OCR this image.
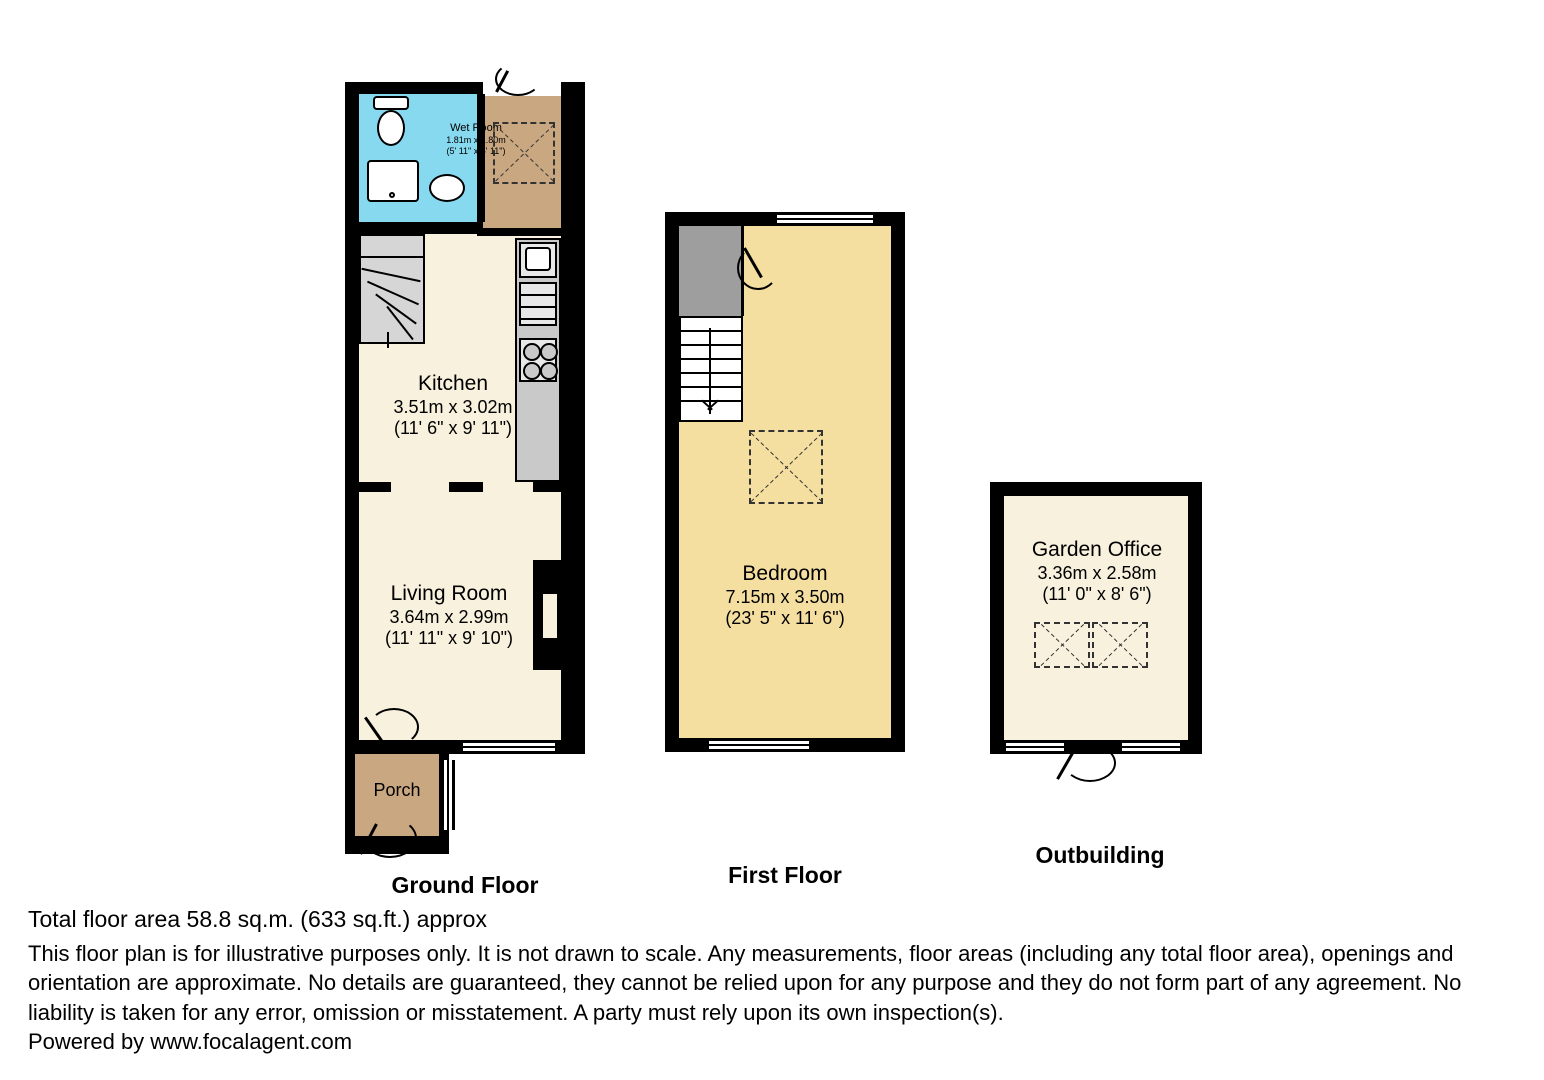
Wet Room
1.81m x 1.80m
(5' 11" x 5' 11")
Kitchen
3.51m x 3.02m
(11' 6" x 9' 11")
Living Room
3.64m x 2.99m
(11' 11" x 9' 10")
Porch
Ground Floor
Bedroom
7.15m x 3.50m
(23' 5" x 11' 6")
First Floor
Garden Office
3.36m x 2.58m
(11' 0" x 8' 6")
Outbuilding
Total floor area 58.8 sq.m. (633 sq.ft.) approx
This floor plan is for illustrative purposes only. It is not drawn to scale. Any measurements, floor areas (including any total floor area), openings and orientation are approximate. No details are guaranteed, they cannot be relied upon for any purpose and they do not form part of any agreement. No liability is taken for any error, omission or misstatement. A party must rely upon its own inspection(s).
Powered by www.focalagent.com
